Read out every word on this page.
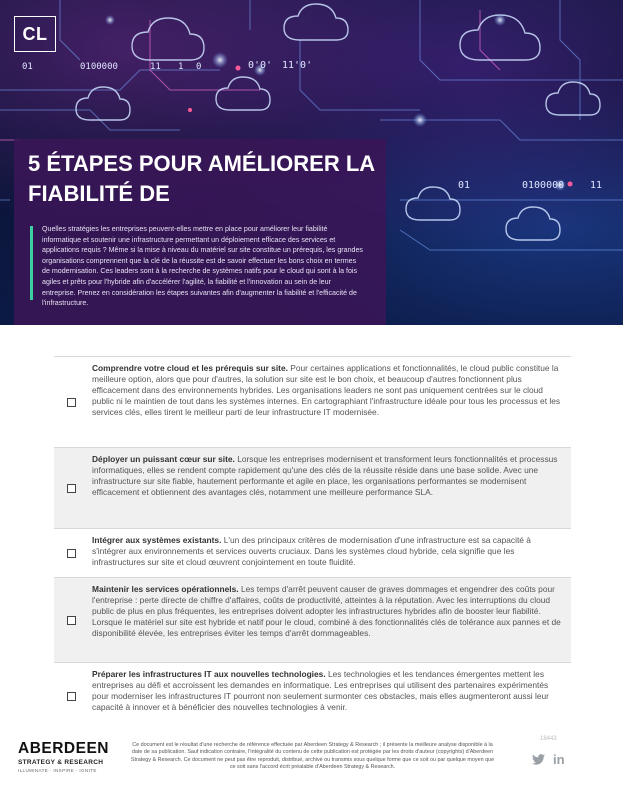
CL
01	0100000	11 1 0	0'0' 11'0'
01	0100000	11
5 ÉTAPES POUR AMÉLIORER LA FIABILITÉ DE

Quelles stratégies les entreprises peuvent-elles mettre en place pour améliorer leur fiabilité informatique et soutenir une infrastructure permettant un déploiement efficace des services et applications requis ? Même si la mise à niveau du matériel sur site constitue un prérequis, les grandes organisations comprennent que la clé de la réussite est de savoir effectuer les bons choix en termes de modernisation. Ces leaders sont à la recherche de systèmes natifs pour le cloud qui sont à la fois agiles et prêts pour l'hybride afin d'accélérer l'agilité, la fiabilité et l'innovation au sein de leur entreprise. Prenez en considération les étapes suivantes afin d'augmenter la fiabilité et l'efficacité de l'infrastructure.

Comprendre votre cloud et les prérequis sur site. Pour certaines applications et fonctionnalités, le cloud public constitue la meilleure option, alors que pour d'autres, la solution sur site est le bon choix, et beaucoup d'autres fonctionnent plus efficacement dans des environnements hybrides. Les organisations leaders ne sont pas uniquement centrées sur le cloud public ni le maintien de tout dans les systèmes internes. En cartographiant l'infrastructure idéale pour tous les processus et les services clés, elles tirent le meilleur parti de leur infrastructure IT modernisée.
Déployer un puissant cœur sur site. Lorsque les entreprises modernisent et transforment leurs fonctionnalités et processus informatiques, elles se rendent compte rapidement qu'une des clés de la réussite réside dans une base solide. Avec une infrastructure sur site fiable, hautement performante et agile en place, les organisations performantes se modernisent efficacement et obtiennent des avantages clés, notamment une meilleure performance SLA.
Intégrer aux systèmes existants. L'un des principaux critères de modernisation d'une infrastructure est sa capacité à s'intégrer aux environnements et services ouverts cruciaux. Dans les systèmes cloud hybride, cela signifie que les infrastructures sur site et cloud œuvrent conjointement en toute fluidité.
Maintenir les services opérationnels. Les temps d'arrêt peuvent causer de graves dommages et engendrer des coûts pour l'entreprise : perte directe de chiffre d'affaires, coûts de productivité, atteintes à la réputation. Avec les interruptions du cloud public de plus en plus fréquentes, les entreprises doivent adopter les infrastructures hybrides afin de booster leur fiabilité. Lorsque le matériel sur site est hybride et natif pour le cloud, combiné à des fonctionnalités clés de tolérance aux pannes et de disponibilité élevée, les entreprises éviter les temps d'arrêt dommageables.
Préparer les infrastructures IT aux nouvelles technologies. Les technologies et les tendances émergentes mettent les entreprises au défi et accroissent les demandes en informatique. Les entreprises qui utilisent des partenaires expérimentés pour moderniser les infrastructures IT pourront non seulement surmonter ces obstacles, mais elles augmenteront aussi leur capacité à innover et à bénéficier des nouvelles technologies à venir.
ABERDEEN
STRATEGY & RESEARCH
ILLUMINATE · INSPIRE · IGNITE
Ce document est le résultat d'une recherche de référence effectuée par Aberdeen Strategy & Research ; il présente la meilleure analyse disponible à la date de sa publication. Sauf indication contraire, l'intégralité du contenu de cette publication est protégée par les droits d'auteur (copyrights) d'Aberdeen Strategy & Research. Ce document ne peut pas être reproduit, distribué, archivé ou transmis sous quelque forme que ce soit ou par quelque moyen que ce soit sans l'accord écrit préalable d'Aberdeen Strategy & Research.
18443
in
